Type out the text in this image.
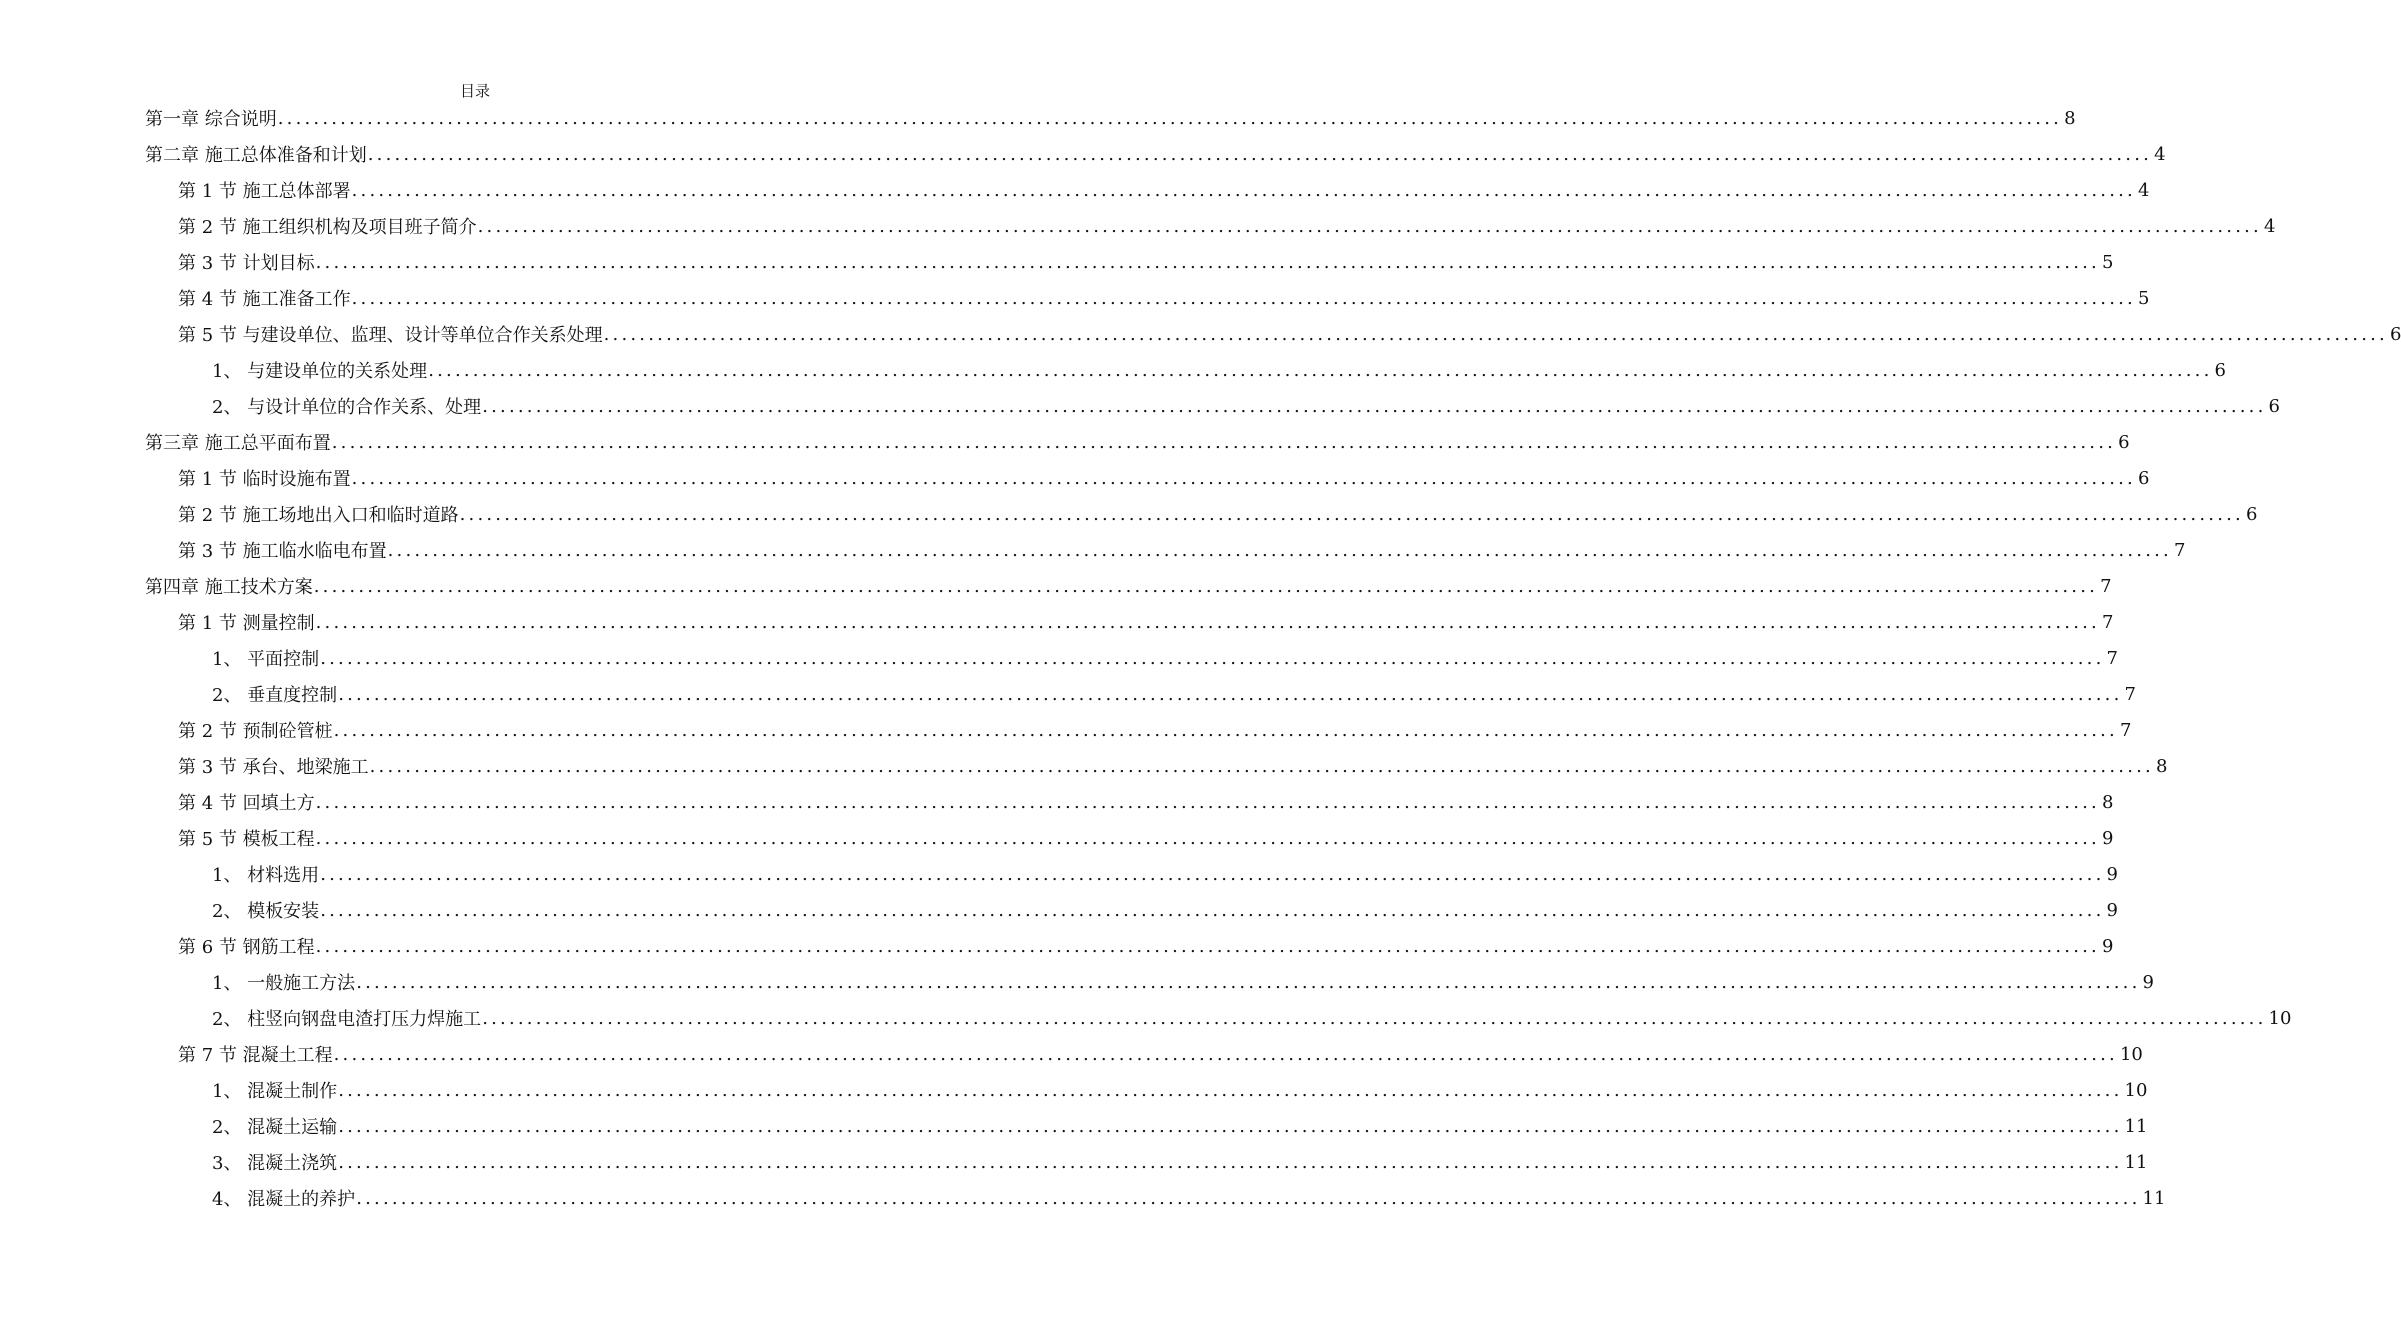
目录
第一章 综合说明 ........................................................................................................................................................................................................ 8
第二章 施工总体准备和计划 ........................................................................................................................................................................................................ 4
第 1 节 施工总体部署 ........................................................................................................................................................................................................ 4
第 2 节 施工组织机构及项目班子简介 ........................................................................................................................................................................................................ 4
第 3 节 计划目标 ........................................................................................................................................................................................................ 5
第 4 节 施工准备工作 ........................................................................................................................................................................................................ 5
第 5 节 与建设单位、监理、设计等单位合作关系处理 ........................................................................................................................................................................................................ 6
1、 与建设单位的关系处理 ........................................................................................................................................................................................................ 6
2、 与设计单位的合作关系、处理 ........................................................................................................................................................................................................ 6
第三章 施工总平面布置 ........................................................................................................................................................................................................ 6
第 1 节 临时设施布置 ........................................................................................................................................................................................................ 6
第 2 节 施工场地出入口和临时道路 ........................................................................................................................................................................................................ 6
第 3 节 施工临水临电布置 ........................................................................................................................................................................................................ 7
第四章 施工技术方案 ........................................................................................................................................................................................................ 7
第 1 节 测量控制 ........................................................................................................................................................................................................ 7
1、 平面控制 ........................................................................................................................................................................................................ 7
2、 垂直度控制 ........................................................................................................................................................................................................ 7
第 2 节 预制砼管桩 ........................................................................................................................................................................................................ 7
第 3 节 承台、地梁施工 ........................................................................................................................................................................................................ 8
第 4 节 回填土方 ........................................................................................................................................................................................................ 8
第 5 节 模板工程 ........................................................................................................................................................................................................ 9
1、 材料选用 ........................................................................................................................................................................................................ 9
2、 模板安装 ........................................................................................................................................................................................................ 9
第 6 节 钢筋工程 ........................................................................................................................................................................................................ 9
1、 一般施工方法 ........................................................................................................................................................................................................ 9
2、 柱竖向钢盘电渣打压力焊施工 ........................................................................................................................................................................................................ 10
第 7 节 混凝土工程 ........................................................................................................................................................................................................ 10
1、 混凝土制作 ........................................................................................................................................................................................................ 10
2、 混凝土运输 ........................................................................................................................................................................................................ 11
3、 混凝土浇筑 ........................................................................................................................................................................................................ 11
4、 混凝土的养护 ........................................................................................................................................................................................................ 11
